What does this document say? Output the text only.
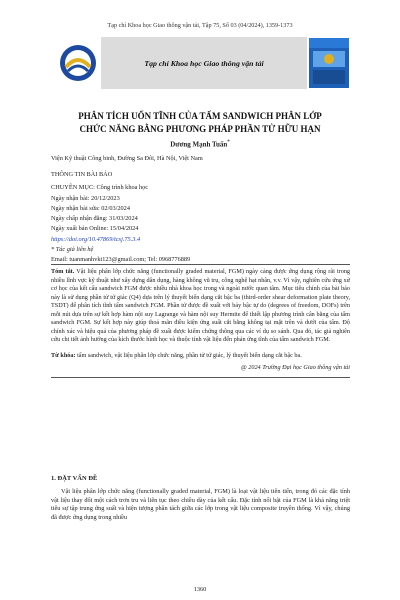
Tạp chí Khoa học Giao thông vận tải, Tập 75, Số 03 (04/2024), 1359-1373
Tạp chí Khoa học Giao thông vận tải
PHÂN TÍCH UỐN TĨNH CỦA TẤM SANDWICH PHÂN LỚP
CHỨC NĂNG BẰNG PHƯƠNG PHÁP PHẦN TỬ HỮU HẠN
Dương Mạnh Tuấn*
Viện Kỹ thuật Công binh, Đường Sa Đôi, Hà Nội, Việt Nam
THÔNG TIN BÀI BÁO
CHUYÊN MỤC: Công trình khoa học
Ngày nhận bài: 20/12/2023
Ngày nhận bài sửa: 02/03/2024
Ngày chấp nhận đăng: 31/03/2024
Ngày xuất bản Online: 15/04/2024
https://doi.org/10.47869/tcsj.75.3.4
* Tác giả liên hệ
Email: tuanmanhvkt123@gmail.com; Tel: 0968776889

Tóm tắt. Vật liệu phân lớp chức năng (functionally graded material, FGM) ngày càng được ứng dụng rộng rãi trong nhiều lĩnh vực kỹ thuật như xây dựng dân dụng, hàng không vũ trụ, công nghệ hạt nhân, v.v. Vì vậy, nghiên cứu ứng xử cơ học của kết cấu sandwich FGM được nhiều nhà khoa học trong và ngoài nước quan tâm. Mục tiêu chính của bài báo này là sử dụng phần tử tứ giác (Q4) dựa trên lý thuyết biến dạng cắt bậc ba (third-order shear deformation plate theory, TSDT) để phân tích tĩnh tấm sandwich FGM. Phần tử được đề xuất với bảy bậc tự do (degrees of freedom, DOFs) trên mỗi nút dựa trên sự kết hợp hàm nội suy Lagrange và hàm nội suy Hermite để thiết lập phương trình cân bằng của tấm sandwich FGM. Sự kết hợp này giúp thoả mãn điều kiện ứng suất cắt bằng không tại mặt trên và dưới của tấm. Độ chính xác và hiệu quả của phương pháp đề xuất được kiểm chứng thông qua các ví dụ so sánh. Qua đó, tác giả nghiên cứu chi tiết ảnh hưởng của kích thước hình học và thuộc tính vật liệu đến phản ứng tĩnh của tấm sandwich FGM.

Từ khóa: tấm sandwich, vật liệu phân lớp chức năng, phần tử tứ giác, lý thuyết biến dạng cắt bậc ba.

@ 2024 Trường Đại học Giao thông vận tải

1. ĐẶT VẤN ĐỀ

Vật liệu phân lớp chức năng (functionally graded material, FGM) là loại vật liệu tiên tiến, trong đó các đặc tính vật liệu thay đổi một cách trơn tru và liên tục theo chiều dày của kết cấu. Đặc tính nổi bật của FGM là khả năng triệt tiêu sự tập trung ứng suất và hiện tượng phân tách giữa các lớp trong vật liệu composite truyền thống. Vì vậy, chúng đã được ứng dụng trong nhiều

1360
